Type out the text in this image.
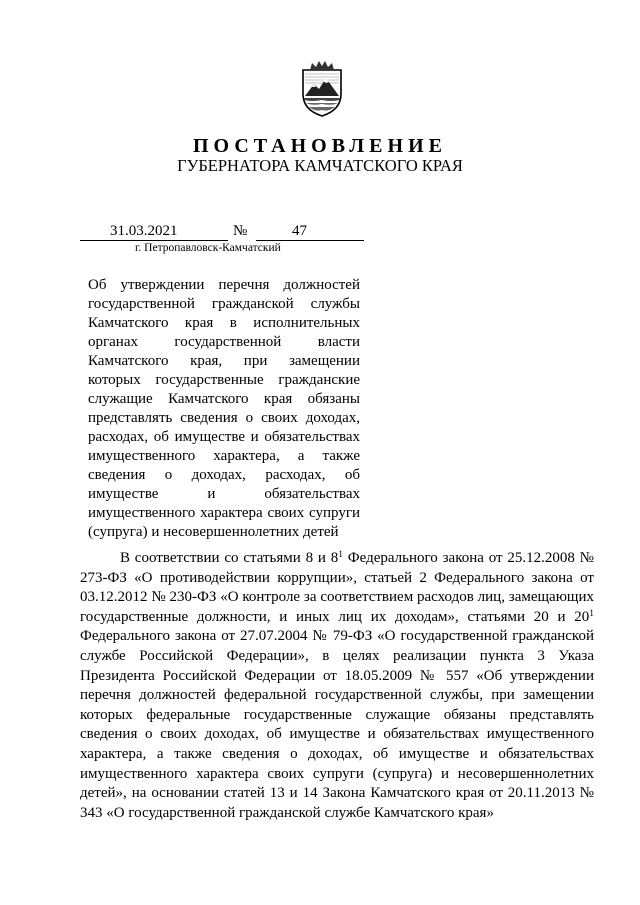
ПОСТАНОВЛЕНИЕ
ГУБЕРНАТОРА КАМЧАТСКОГО КРАЯ
31.03.2021	№	47
г. Петропавловск-Камчатский
Об утверждении перечня должностей государственной гражданской службы Камчатского края в исполнительных органах государственной власти Камчатского края, при замещении которых государственные гражданские служащие Камчатского края обязаны представлять сведения о своих доходах, расходах, об имуществе и обязательствах имущественного характера, а также сведения о доходах, расходах, об имуществе и обязательствах имущественного характера своих супруги (супруга) и несовершеннолетних детей
В соответствии со статьями 8 и $8^1$ Федерального закона от 25.12.2008 № 273-ФЗ «О противодействии коррупции», статьей 2 Федерального закона от 03.12.2012 № 230-ФЗ «О контроле за соответствием расходов лиц, замещающих государственные должности, и иных лиц их доходам», статьями 20 и $20^1$ Федерального закона от 27.07.2004 № 79-ФЗ «О государственной гражданской службе Российской Федерации», в целях реализации пункта 3 Указа Президента Российской Федерации от 18.05.2009 № 557 «Об утверждении перечня должностей федеральной государственной службы, при замещении которых федеральные государственные служащие обязаны представлять сведения о своих доходах, об имуществе и обязательствах имущественного характера, а также сведения о доходах, об имуществе и обязательствах имущественного характера своих супруги (супруга) и несовершеннолетних детей», на основании статей 13 и 14 Закона Камчатского края от 20.11.2013 № 343 «О государственной гражданской службе Камчатского края»
